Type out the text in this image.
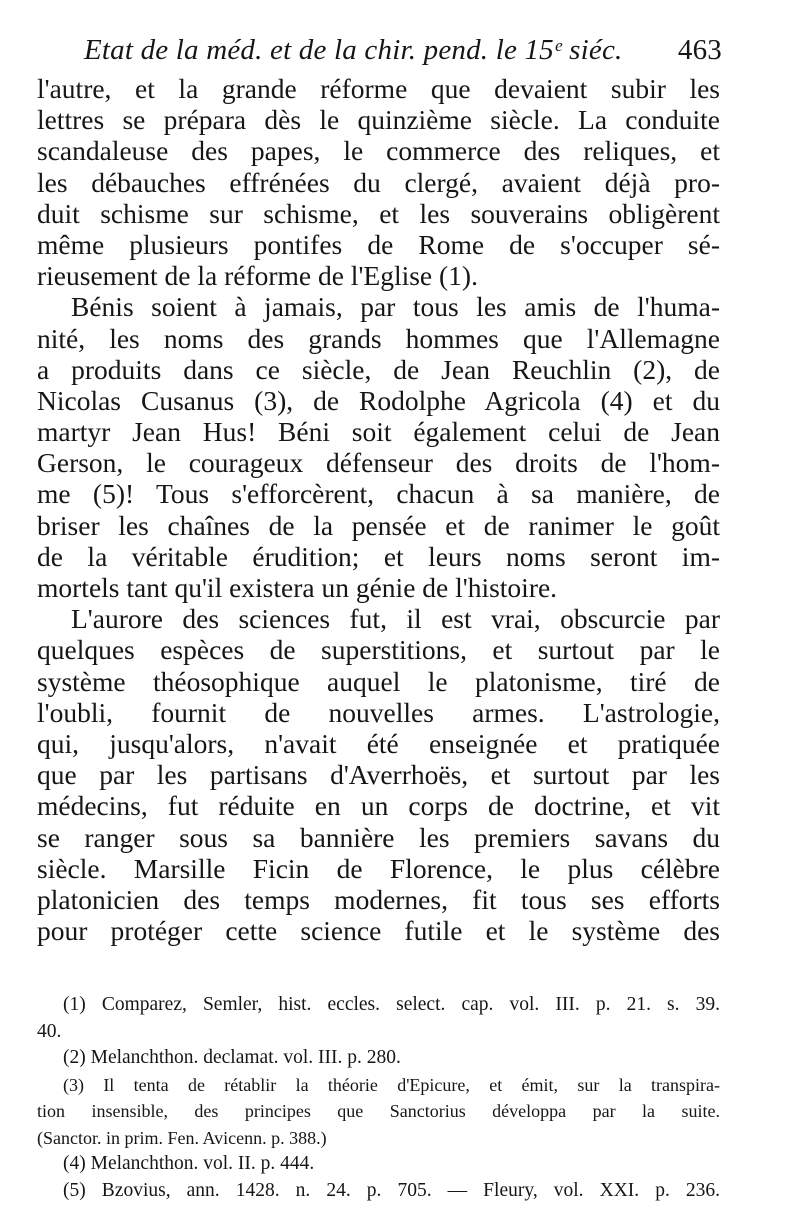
Etat de la méd. et de la chir. pend. le 15ᵉ siéc. 463
l'autre, et la grande réforme que devaient subir les
lettres se prépara dès le quinzième siècle. La conduite
scandaleuse des papes, le commerce des reliques, et
les débauches effrénées du clergé, avaient déjà pro-
duit schisme sur schisme, et les souverains obligèrent
même plusieurs pontifes de Rome de s'occuper sé-
rieusement de la réforme de l'Eglise (1).
Bénis soient à jamais, par tous les amis de l'huma-
nité, les noms des grands hommes que l'Allemagne
a produits dans ce siècle, de Jean Reuchlin (2), de
Nicolas Cusanus (3), de Rodolphe Agricola (4) et du
martyr Jean Hus! Béni soit également celui de Jean
Gerson, le courageux défenseur des droits de l'hom-
me (5)! Tous s'efforcèrent, chacun à sa manière, de
briser les chaînes de la pensée et de ranimer le goût
de la véritable érudition; et leurs noms seront im-
mortels tant qu'il existera un génie de l'histoire.
L'aurore des sciences fut, il est vrai, obscurcie par
quelques espèces de superstitions, et surtout par le
système théosophique auquel le platonisme, tiré de
l'oubli, fournit de nouvelles armes. L'astrologie,
qui, jusqu'alors, n'avait été enseignée et pratiquée
que par les partisans d'Averrhoës, et surtout par les
médecins, fut réduite en un corps de doctrine, et vit
se ranger sous sa bannière les premiers savans du
siècle. Marsille Ficin de Florence, le plus célèbre
platonicien des temps modernes, fit tous ses efforts
pour protéger cette science futile et le système des
(1) Comparez, Semler, hist. eccles. select. cap. vol. III. p. 21. s. 39.
40.
(2) Melanchthon. declamat. vol. III. p. 280.
(3) Il tenta de rétablir la théorie d'Epicure, et émit, sur la transpira-
tion insensible, des principes que Sanctorius développa par la suite.
(Sanctor. in prim. Fen. Avicenn. p. 388.)
(4) Melanchthon. vol. II. p. 444.
(5) Bzovius, ann. 1428. n. 24. p. 705. — Fleury, vol. XXI. p. 236.
